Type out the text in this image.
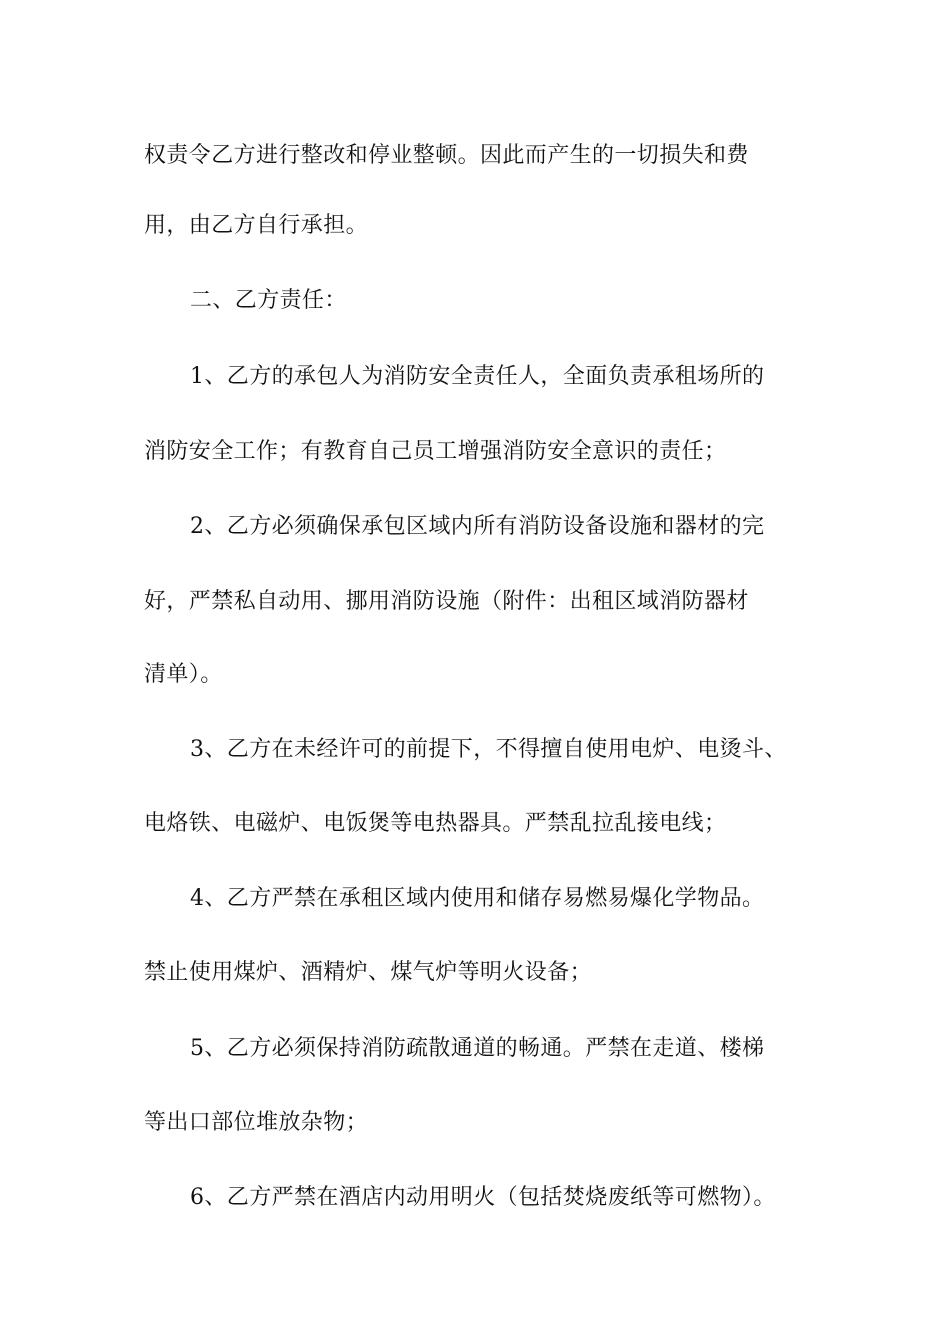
权责令乙方进行整改和停业整顿。因此而产生的一切损失和费
用，由乙方自行承担。
二、乙方责任：
1、乙方的承包人为消防安全责任人，全面负责承租场所的
消防安全工作；有教育自己员工增强消防安全意识的责任；
2、乙方必须确保承包区域内所有消防设备设施和器材的完
好，严禁私自动用、挪用消防设施（附件：出租区域消防器材
清单）。
3、乙方在未经许可的前提下，不得擅自使用电炉、电烫斗、
电烙铁、电磁炉、电饭煲等电热器具。严禁乱拉乱接电线；
4、乙方严禁在承租区域内使用和储存易燃易爆化学物品。
禁止使用煤炉、酒精炉、煤气炉等明火设备；
5、乙方必须保持消防疏散通道的畅通。严禁在走道、楼梯
等出口部位堆放杂物；
6、乙方严禁在酒店内动用明火（包括焚烧废纸等可燃物）。
